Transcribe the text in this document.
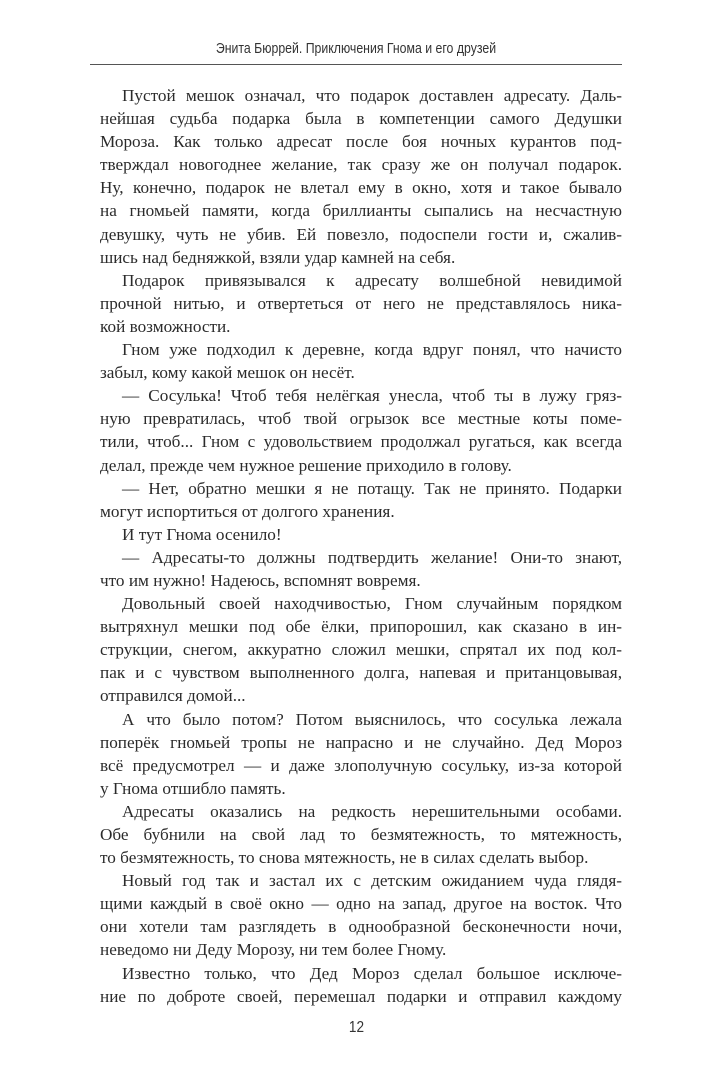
Энита Бюррей. Приключения Гнома и его друзей
Пустой мешок означал, что подарок доставлен адресату. Даль-
нейшая судьба подарка была в компетенции самого Дедушки
Мороза. Как только адресат после боя ночных курантов под-
тверждал новогоднее желание, так сразу же он получал подарок.
Ну, конечно, подарок не влетал ему в окно, хотя и такое бывало
на гномьей памяти, когда бриллианты сыпались на несчастную
девушку, чуть не убив. Ей повезло, подоспели гости и, сжалив-
шись над бедняжкой, взяли удар камней на себя.
Подарок привязывался к адресату волшебной невидимой
прочной нитью, и отвертеться от него не представлялось ника-
кой возможности.
Гном уже подходил к деревне, когда вдруг понял, что начисто
забыл, кому какой мешок он несёт.
— Сосулька! Чтоб тебя нелёгкая унесла, чтоб ты в лужу гряз-
ную превратилась, чтоб твой огрызок все местные коты поме-
тили, чтоб... Гном с удовольствием продолжал ругаться, как всегда
делал, прежде чем нужное решение приходило в голову.
— Нет, обратно мешки я не потащу. Так не принято. Подарки
могут испортиться от долгого хранения.
И тут Гнома осенило!
— Адресаты-то должны подтвердить желание! Они-то знают,
что им нужно! Надеюсь, вспомнят вовремя.
Довольный своей находчивостью, Гном случайным порядком
вытряхнул мешки под обе ёлки, припорошил, как сказано в ин-
струкции, снегом, аккуратно сложил мешки, спрятал их под кол-
пак и с чувством выполненного долга, напевая и пританцовывая,
отправился домой...
А что было потом? Потом выяснилось, что сосулька лежала
поперёк гномьей тропы не напрасно и не случайно. Дед Мороз
всё предусмотрел — и даже злополучную сосульку, из-за которой
у Гнома отшибло память.
Адресаты оказались на редкость нерешительными особами.
Обе бубнили на свой лад то безмятежность, то мятежность,
то безмятежность, то снова мятежность, не в силах сделать выбор.
Новый год так и застал их с детским ожиданием чуда глядя-
щими каждый в своё окно — одно на запад, другое на восток. Что
они хотели там разглядеть в однообразной бесконечности ночи,
неведомо ни Деду Морозу, ни тем более Гному.
Известно только, что Дед Мороз сделал большое исключе-
ние по доброте своей, перемешал подарки и отправил каждому
12
